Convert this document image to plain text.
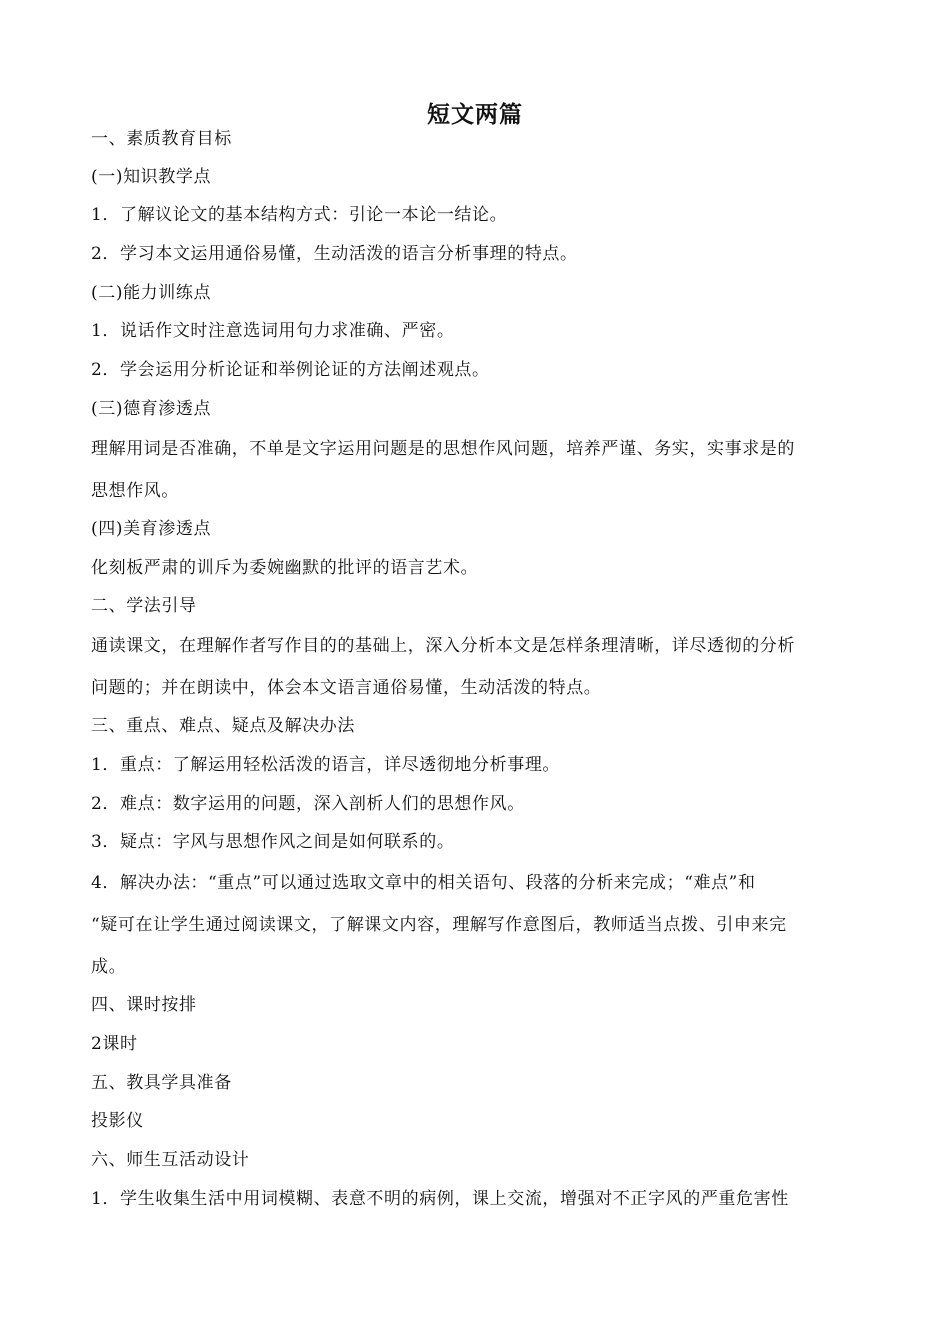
短文两篇
一、素质教育目标
(一)知识教学点
1．了解议论文的基本结构方式：引论一本论一结论。
2．学习本文运用通俗易懂，生动活泼的语言分析事理的特点。
(二)能力训练点
1．说话作文时注意选词用句力求准确、严密。
2．学会运用分析论证和举例论证的方法阐述观点。
(三)德育渗透点
理解用词是否准确，不单是文字运用问题是的思想作风问题，培养严谨、务实，实事求是的
思想作风。
(四)美育渗透点
化刻板严肃的训斥为委婉幽默的批评的语言艺术。
二、学法引导
通读课文，在理解作者写作目的的基础上，深入分析本文是怎样条理清晰，详尽透彻的分析
问题的；并在朗读中，体会本文语言通俗易懂，生动活泼的特点。
三、重点、难点、疑点及解决办法
1．重点：了解运用轻松活泼的语言，详尽透彻地分析事理。
2．难点：数字运用的问题，深入剖析人们的思想作风。
3．疑点：字风与思想作风之间是如何联系的。
4．解决办法：“重点”可以通过选取文章中的相关语句、段落的分析来完成；“难点”和
“疑可在让学生通过阅读课文，了解课文内容，理解写作意图后，教师适当点拨、引申来完
成。
四、课时按排
2课时
五、教具学具准备
投影仪
六、师生互活动设计
1．学生收集生活中用词模糊、表意不明的病例，课上交流，增强对不正字风的严重危害性
